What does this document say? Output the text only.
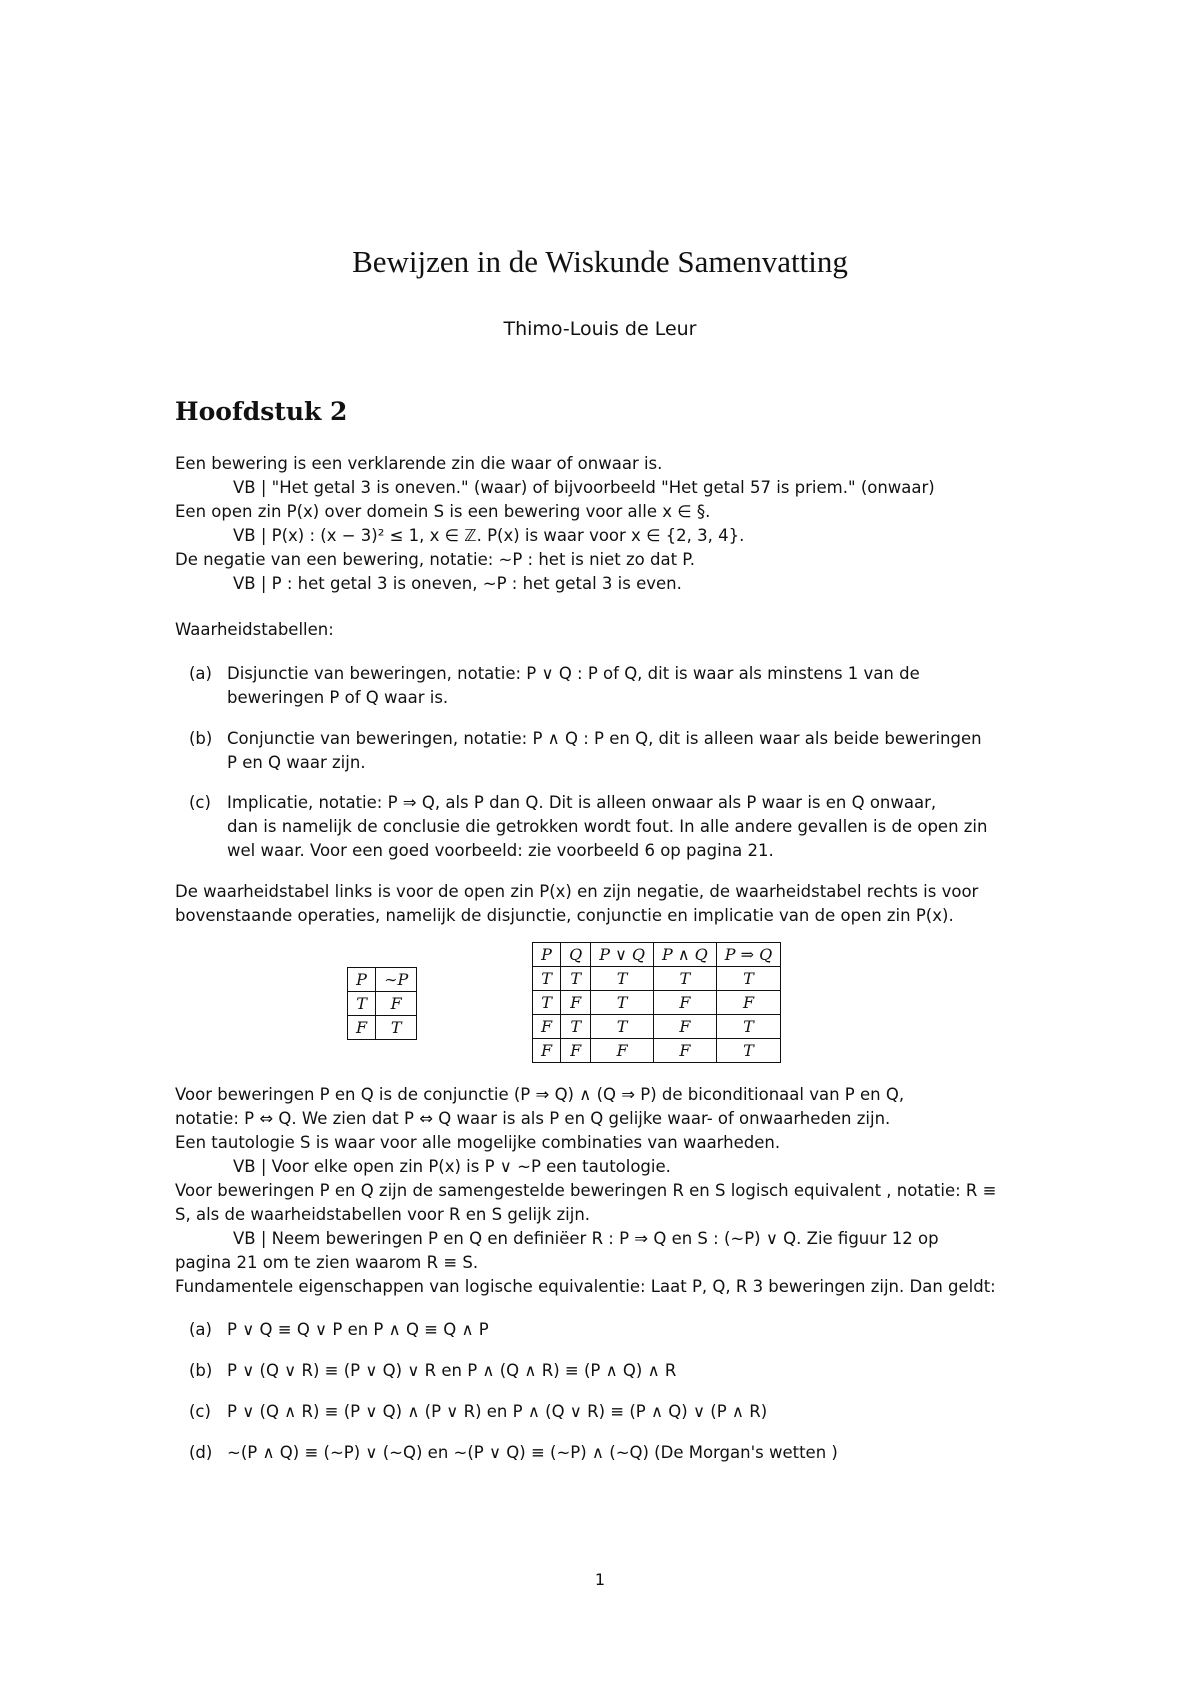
Bewijzen in de Wiskunde Samenvatting
Thimo-Louis de Leur
Hoofdstuk 2
Een bewering is een verklarende zin die waar of onwaar is.
VB | "Het getal 3 is oneven." (waar) of bijvoorbeeld "Het getal 57 is priem." (onwaar)
Een open zin P(x) over domein S is een bewering voor alle x ∈ §.
VB | P(x) : (x − 3)² ≤ 1, x ∈ ℤ. P(x) is waar voor x ∈ {2, 3, 4}.
De negatie van een bewering, notatie: ∼P : het is niet zo dat P.
VB | P : het getal 3 is oneven, ∼P : het getal 3 is even.
Waarheidstabellen:
(a) Disjunctie van beweringen, notatie: P ∨ Q : P of Q, dit is waar als minstens 1 van de
beweringen P of Q waar is.
(b) Conjunctie van beweringen, notatie: P ∧ Q : P en Q, dit is alleen waar als beide beweringen
P en Q waar zijn.
(c) Implicatie, notatie: P ⇒ Q, als P dan Q. Dit is alleen onwaar als P waar is en Q onwaar,
dan is namelijk de conclusie die getrokken wordt fout. In alle andere gevallen is de open zin
wel waar. Voor een goed voorbeeld: zie voorbeeld 6 op pagina 21.
De waarheidstabel links is voor de open zin P(x) en zijn negatie, de waarheidstabel rechts is voor
bovenstaande operaties, namelijk de disjunctie, conjunctie en implicatie van de open zin P(x).
P	∼P
T	F
F	T
P	Q	P ∨ Q	P ∧ Q	P ⇒ Q
T	T	T	T	T
T	F	T	F	F
F	T	T	F	T
F	F	F	F	T
Voor beweringen P en Q is de conjunctie (P ⇒ Q) ∧ (Q ⇒ P) de biconditionaal van P en Q,
notatie: P ⇔ Q. We zien dat P ⇔ Q waar is als P en Q gelijke waar- of onwaarheden zijn.
Een tautologie S is waar voor alle mogelijke combinaties van waarheden.
VB | Voor elke open zin P(x) is P ∨ ∼P een tautologie.
Voor beweringen P en Q zijn de samengestelde beweringen R en S logisch equivalent , notatie: R ≡
S, als de waarheidstabellen voor R en S gelijk zijn.
VB | Neem beweringen P en Q en definiëer R : P ⇒ Q en S : (∼P) ∨ Q. Zie figuur 12 op
pagina 21 om te zien waarom R ≡ S.
Fundamentele eigenschappen van logische equivalentie: Laat P, Q, R 3 beweringen zijn. Dan geldt:
(a) P ∨ Q ≡ Q ∨ P en P ∧ Q ≡ Q ∧ P
(b) P ∨ (Q ∨ R) ≡ (P ∨ Q) ∨ R en P ∧ (Q ∧ R) ≡ (P ∧ Q) ∧ R
(c) P ∨ (Q ∧ R) ≡ (P ∨ Q) ∧ (P ∨ R) en P ∧ (Q ∨ R) ≡ (P ∧ Q) ∨ (P ∧ R)
(d) ∼(P ∧ Q) ≡ (∼P) ∨ (∼Q) en ∼(P ∨ Q) ≡ (∼P) ∧ (∼Q) (De Morgan's wetten )
1
